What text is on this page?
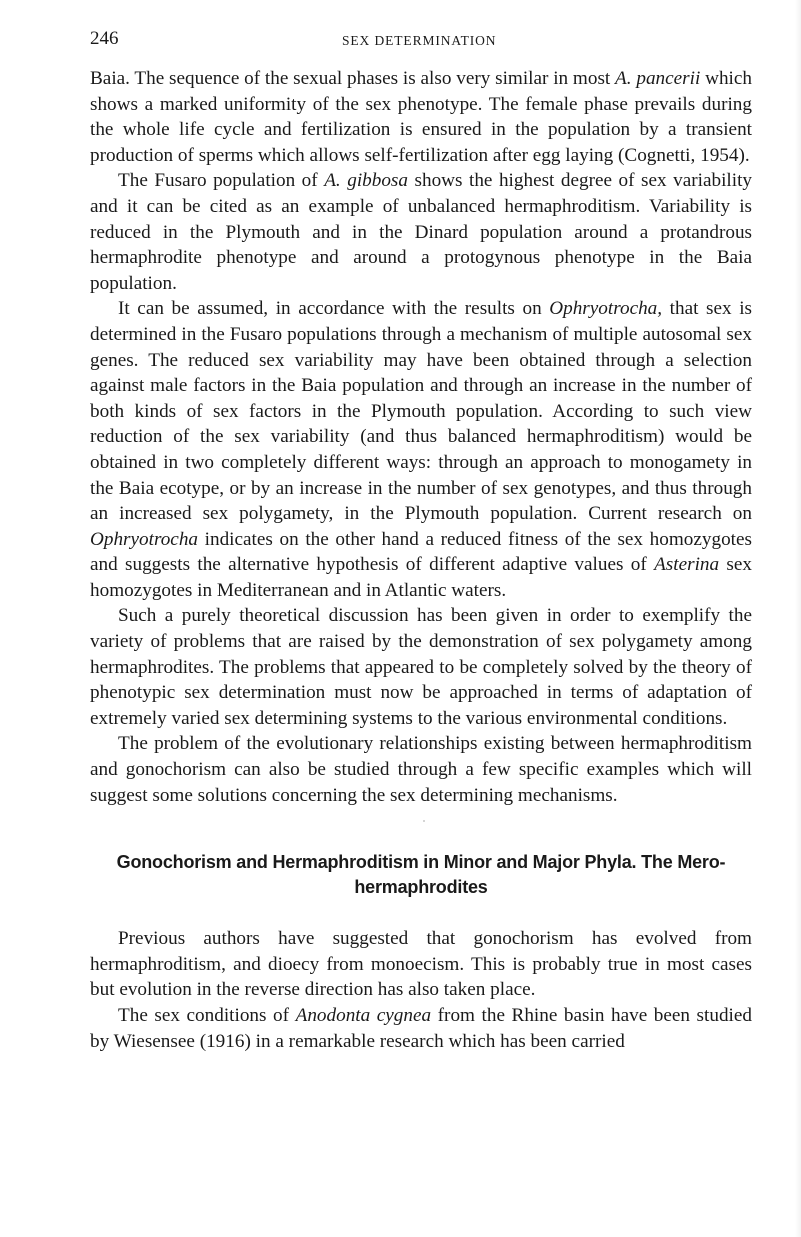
246	SEX DETERMINATION

Baia. The sequence of the sexual phases is also very similar in most A. pancerii which shows a marked uniformity of the sex phenotype. The female phase prevails during the whole life cycle and fertilization is ensured in the population by a transient production of sperms which allows self-fertilization after egg laying (Cognetti, 1954).

The Fusaro population of A. gibbosa shows the highest degree of sex variability and it can be cited as an example of unbalanced hermaphroditism. Variability is reduced in the Plymouth and in the Dinard population around a protandrous hermaphrodite phenotype and around a protogynous phenotype in the Baia population.

It can be assumed, in accordance with the results on Ophryotrocha, that sex is determined in the Fusaro populations through a mechanism of multiple autosomal sex genes. The reduced sex variability may have been obtained through a selection against male factors in the Baia population and through an increase in the number of both kinds of sex factors in the Plymouth population. According to such view reduction of the sex variability (and thus balanced hermaphroditism) would be obtained in two completely different ways: through an approach to monogamety in the Baia ecotype, or by an increase in the number of sex genotypes, and thus through an increased sex polygamety, in the Plymouth population. Current research on Ophryotrocha indicates on the other hand a reduced fitness of the sex homozygotes and suggests the alternative hypothesis of different adaptive values of Asterina sex homozygotes in Mediterranean and in Atlantic waters.

Such a purely theoretical discussion has been given in order to exemplify the variety of problems that are raised by the demonstration of sex polygamety among hermaphrodites. The problems that appeared to be completely solved by the theory of phenotypic sex determination must now be approached in terms of adaptation of extremely varied sex determining systems to the various environmental conditions.

The problem of the evolutionary relationships existing between hermaphroditism and gonochorism can also be studied through a few specific examples which will suggest some solutions concerning the sex determining mechanisms.

Gonochorism and Hermaphroditism in Minor and Major Phyla. The Mero-
hermaphrodites

Previous authors have suggested that gonochorism has evolved from hermaphroditism, and dioecy from monoecism. This is probably true in most cases but evolution in the reverse direction has also taken place.

The sex conditions of Anodonta cygnea from the Rhine basin have been studied by Wiesensee (1916) in a remarkable research which has been carried
